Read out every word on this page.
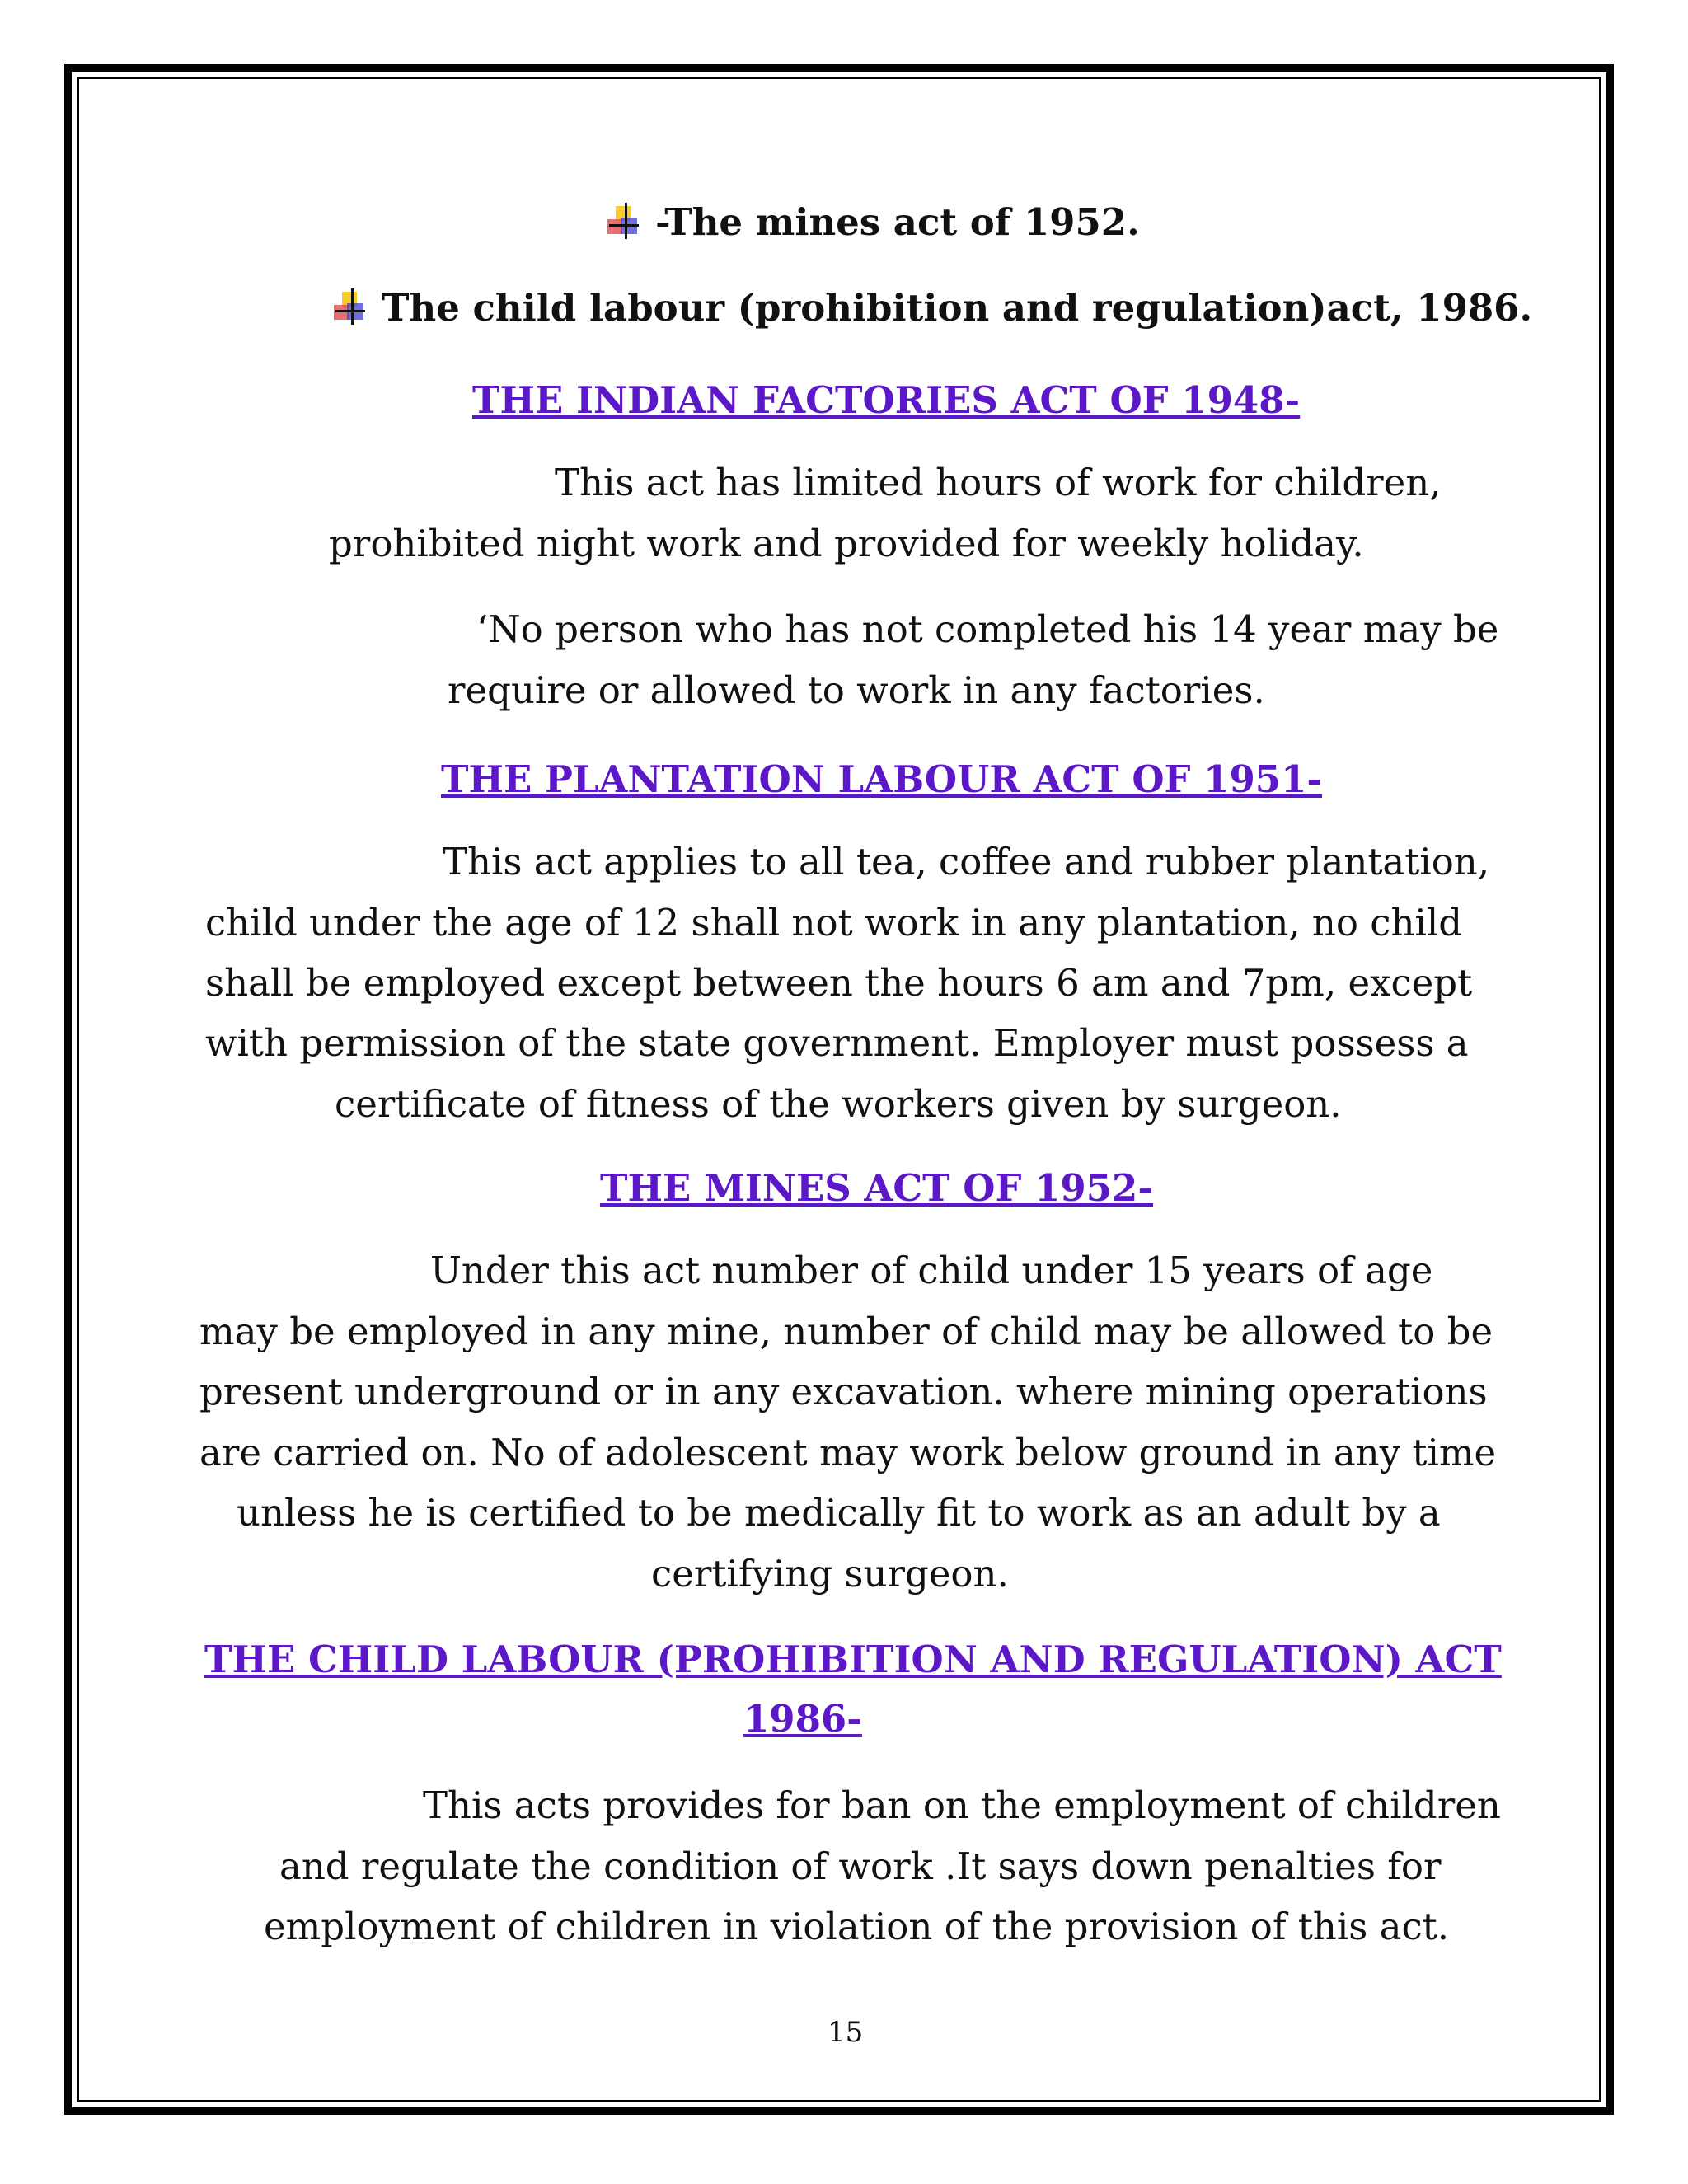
-The mines act of 1952.
The child labour (prohibition and regulation)act, 1986.
THE INDIAN FACTORIES ACT OF 1948-
This act has limited hours of work for children,
prohibited night work and provided for weekly holiday.
‘No person who has not completed his 14 year may be
require or allowed to work in any factories.
THE PLANTATION LABOUR ACT OF 1951-
This act applies to all tea, coffee and rubber plantation,
child under the age of 12 shall not work in any plantation, no child
shall be employed except between the hours 6 am and 7pm, except
with permission of the state government. Employer must possess a
certificate of fitness of the workers given by surgeon.
THE MINES ACT OF 1952-
Under this act number of child under 15 years of age
may be employed in any mine, number of child may be allowed to be
present underground or in any excavation. where mining operations
are carried on. No of adolescent may work below ground in any time
unless he is certified to be medically fit to work as an adult by a
certifying surgeon.
THE CHILD LABOUR (PROHIBITION AND REGULATION) ACT
1986-
This acts provides for ban on the employment of children
and regulate the condition of work .It says down penalties for
employment of children in violation of the provision of this act.
15
